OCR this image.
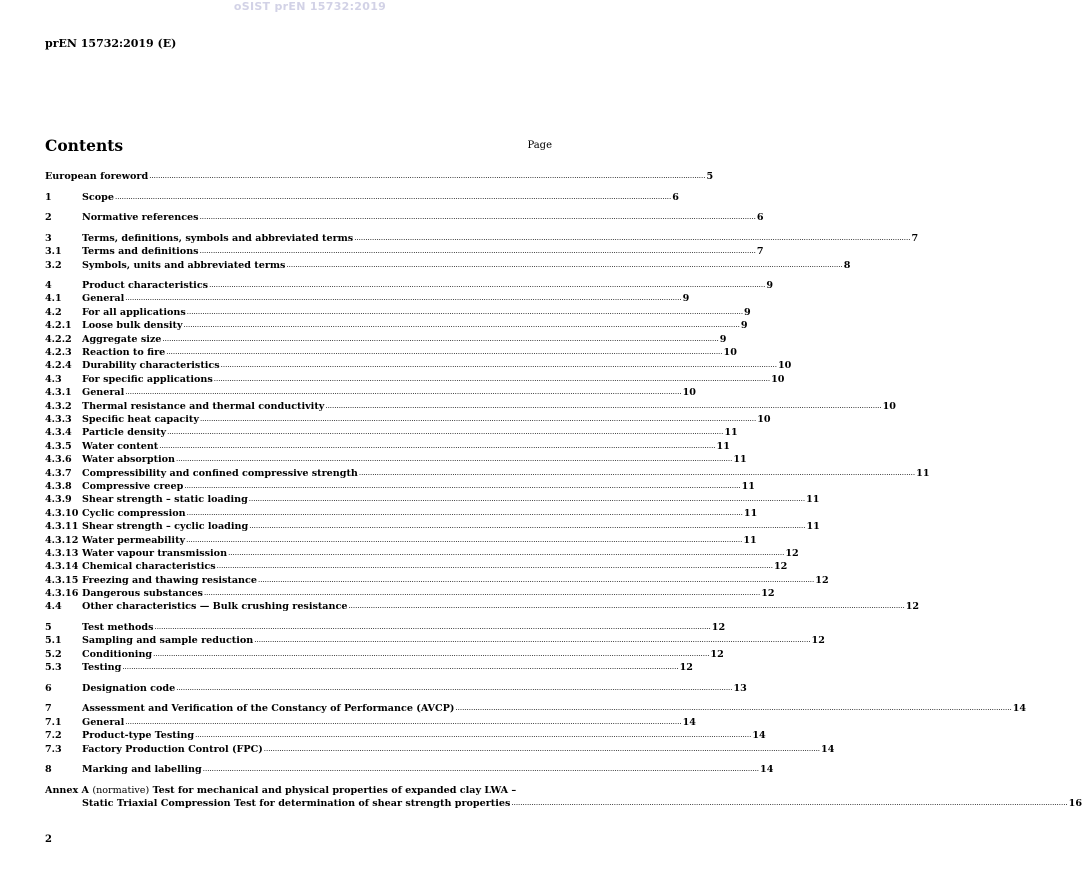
oSIST prEN 15732:2019
prEN 15732:2019 (E)
Contents	Page
European foreword .....	5
1	Scope .....	6
2	Normative references .....	6
3	Terms, definitions, symbols and abbreviated terms .....	7
3.1	Terms and definitions .....	7
3.2	Symbols, units and abbreviated terms .....	8
4	Product characteristics .....	9
4.1	General .....	9
4.2	For all applications .....	9
4.2.1	Loose bulk density .....	9
4.2.2	Aggregate size .....	9
4.2.3	Reaction to fire .....	10
4.2.4	Durability characteristics .....	10
4.3	For specific applications .....	10
4.3.1	General .....	10
4.3.2	Thermal resistance and thermal conductivity .....	10
4.3.3	Specific heat capacity .....	10
4.3.4	Particle density .....	11
4.3.5	Water content .....	11
4.3.6	Water absorption .....	11
4.3.7	Compressibility and confined compressive strength .....	11
4.3.8	Compressive creep .....	11
4.3.9	Shear strength – static loading .....	11
4.3.10 Cyclic compression .....	11
4.3.11 Shear strength – cyclic loading .....	11
4.3.12 Water permeability .....	11
4.3.13 Water vapour transmission .....	12
4.3.14 Chemical characteristics .....	12
4.3.15 Freezing and thawing resistance .....	12
4.3.16 Dangerous substances .....	12
4.4	Other characteristics — Bulk crushing resistance .....	12
5	Test methods .....	12
5.1	Sampling and sample reduction .....	12
5.2	Conditioning .....	12
5.3	Testing .....	12
6	Designation code .....	13
7	Assessment and Verification of the Constancy of Performance (AVCP) .....	14
7.1	General .....	14
7.2	Product-type Testing .....	14
7.3	Factory Production Control (FPC) .....	14
8	Marking and labelling .....	14
Annex A (normative) Test for mechanical and physical properties of expanded clay LWA –
Static Triaxial Compression Test for determination of shear strength properties .....	16
2
